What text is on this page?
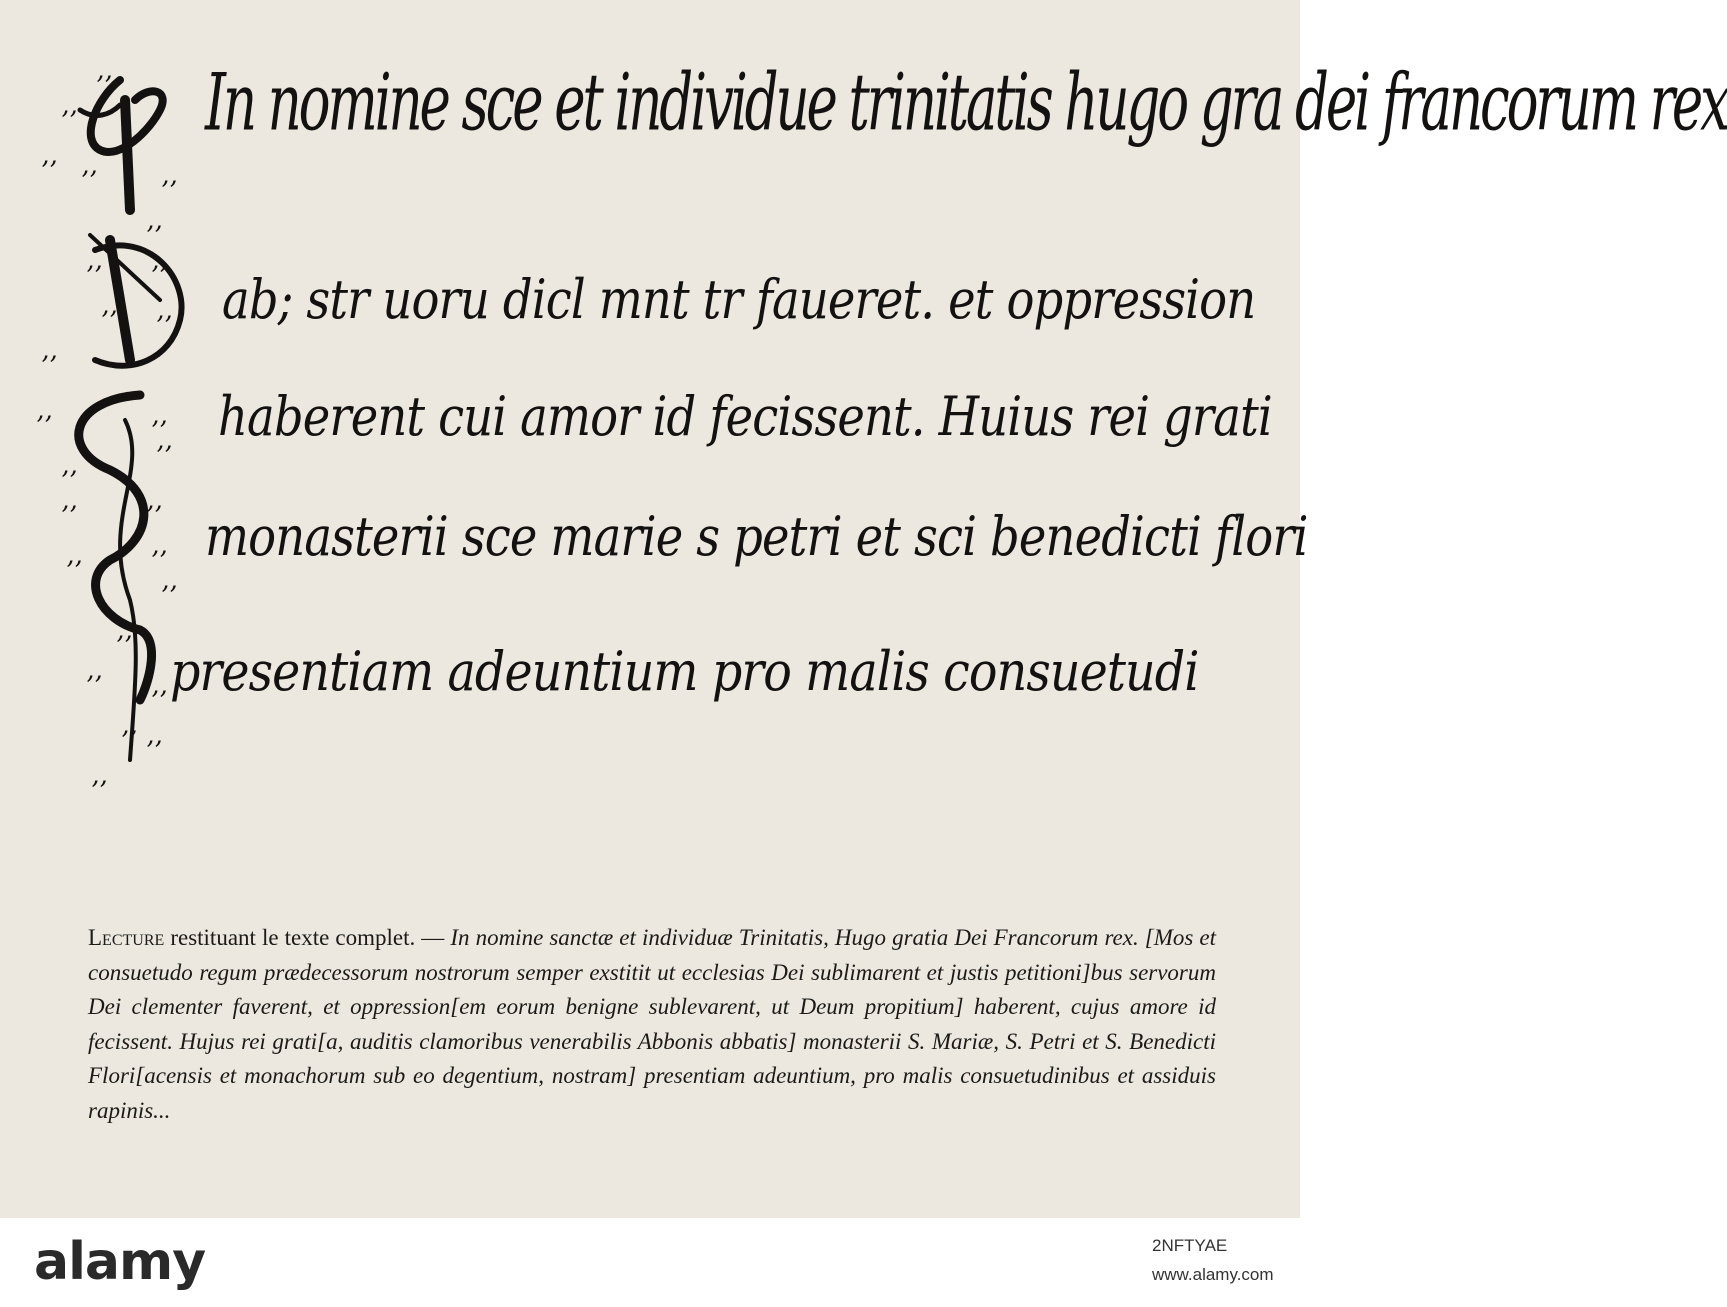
ʼʼ
ʼʼ
ʼʼ ʼʼ ʼʼ
ʼʼ
ʼʼ ʼʼ
ʼʼ
ʼʼ
ʼʼ
ʼʼ	ʼʼ
ʼʼ
ʼʼ
ʼʼ	ʼʼ
ʼʼ	ʼʼ
ʼʼ
ʼʼ
ʼʼ ʼʼ
ʼʼ ʼʼ
ʼʼ
In nomine sce et individue trinitatis hugo gra dei francorum rex
ab; str uoru dicl mnt tr faueret. et oppression
haberent cui amor id fecissent. Huius rei grati
monasterii sce marie s petri et sci benedicti flori
presentiam adeuntium pro malis consuetudi

Lecture restituant le texte complet. — In nomine sanctæ et individuæ Trinitatis, Hugo gratia Dei Francorum rex. [Mos et consuetudo regum prædecessorum nostrorum semper exstitit ut ecclesias Dei sublimarent et justis petitioni]bus servorum Dei clementer faverent, et oppression[em eorum benigne sublevarent, ut Deum propitium] haberent, cujus amore id fecissent. Hujus rei grati[a, auditis clamoribus venerabilis Abbonis abbatis] monasterii S. Mariæ, S. Petri et S. Benedicti Flori[acensis et monachorum sub eo degentium, nostram] presentiam adeuntium, pro malis consuetudinibus et assiduis rapinis...

alamy	2NFTYAE
www.alamy.com
